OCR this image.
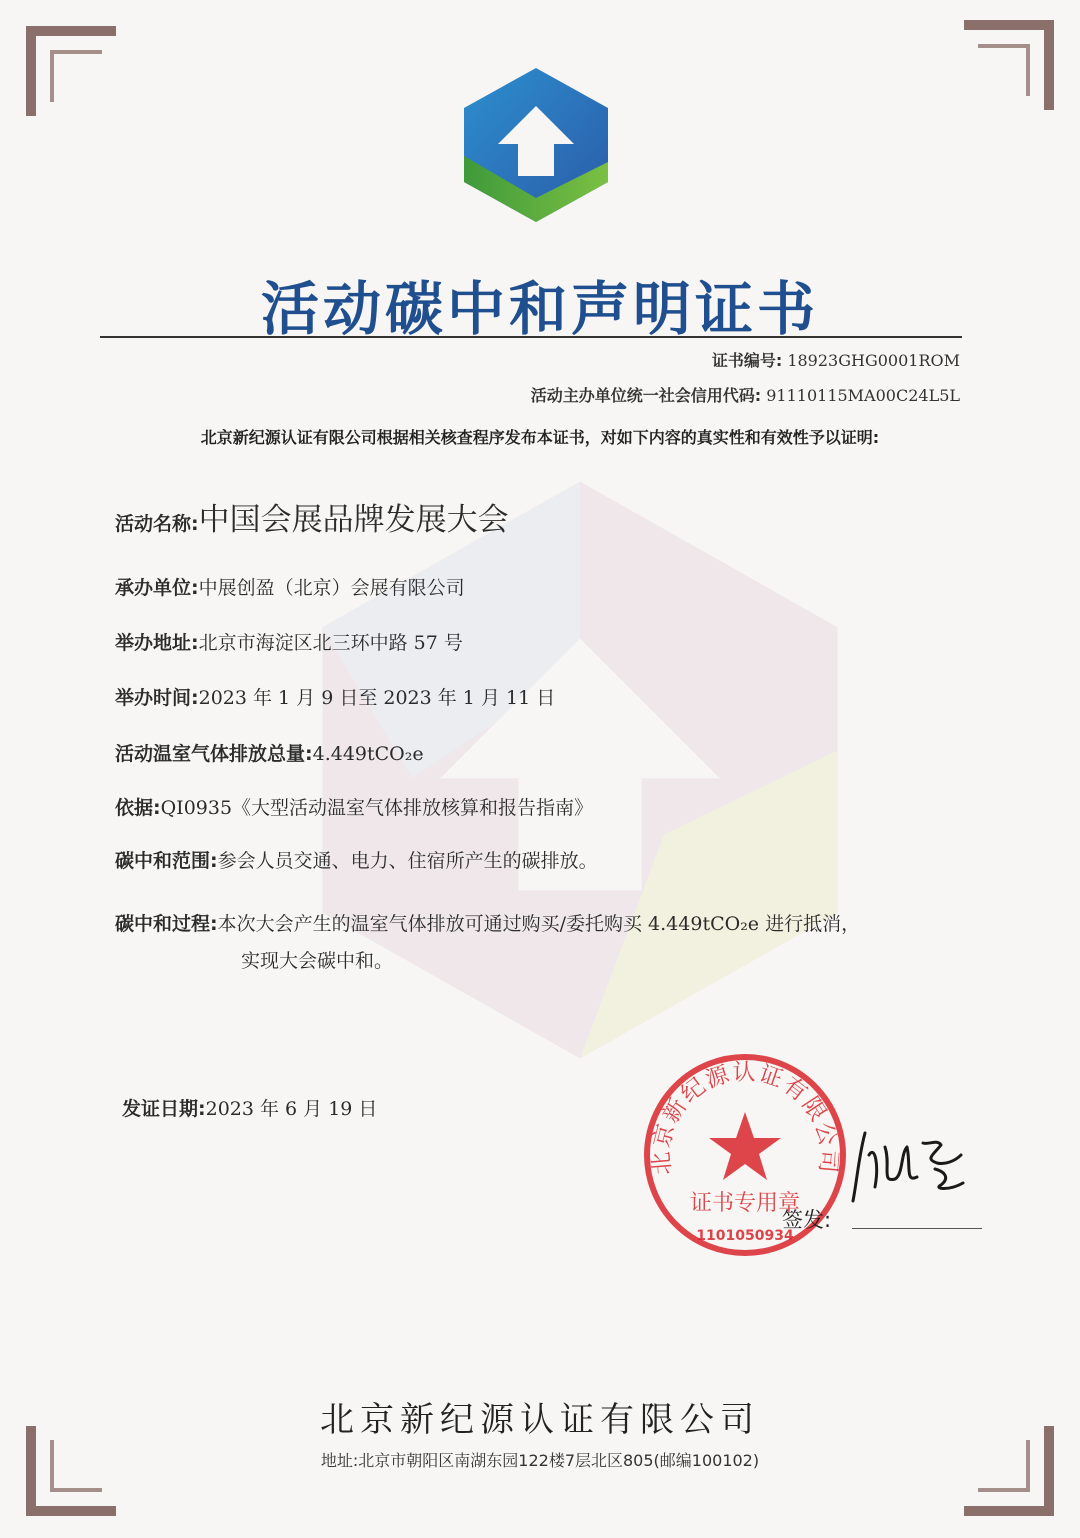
活动碳中和声明证书
证书编号: 18923GHG0001ROM
活动主办单位统一社会信用代码: 91110115MA00C24L5L
北京新纪源认证有限公司根据相关核查程序发布本证书，对如下内容的真实性和有效性予以证明:
活动名称:中国会展品牌发展大会
承办单位:中展创盈（北京）会展有限公司
举办地址:北京市海淀区北三环中路 57 号
举办时间:2023 年 1 月 9 日至 2023 年 1 月 11 日
活动温室气体排放总量:4.449tCO₂e
依据:QI0935《大型活动温室气体排放核算和报告指南》
碳中和范围:参会人员交通、电力、住宿所产生的碳排放。
碳中和过程:本次大会产生的温室气体排放可通过购买/委托购买 4.449tCO₂e 进行抵消，
实现大会碳中和。
发证日期:2023 年 6 月 19 日
北京新纪源认证有限公司
证书专用章
1101050934
签发:
北京新纪源认证有限公司
地址:北京市朝阳区南湖东园122楼7层北区805(邮编100102)
